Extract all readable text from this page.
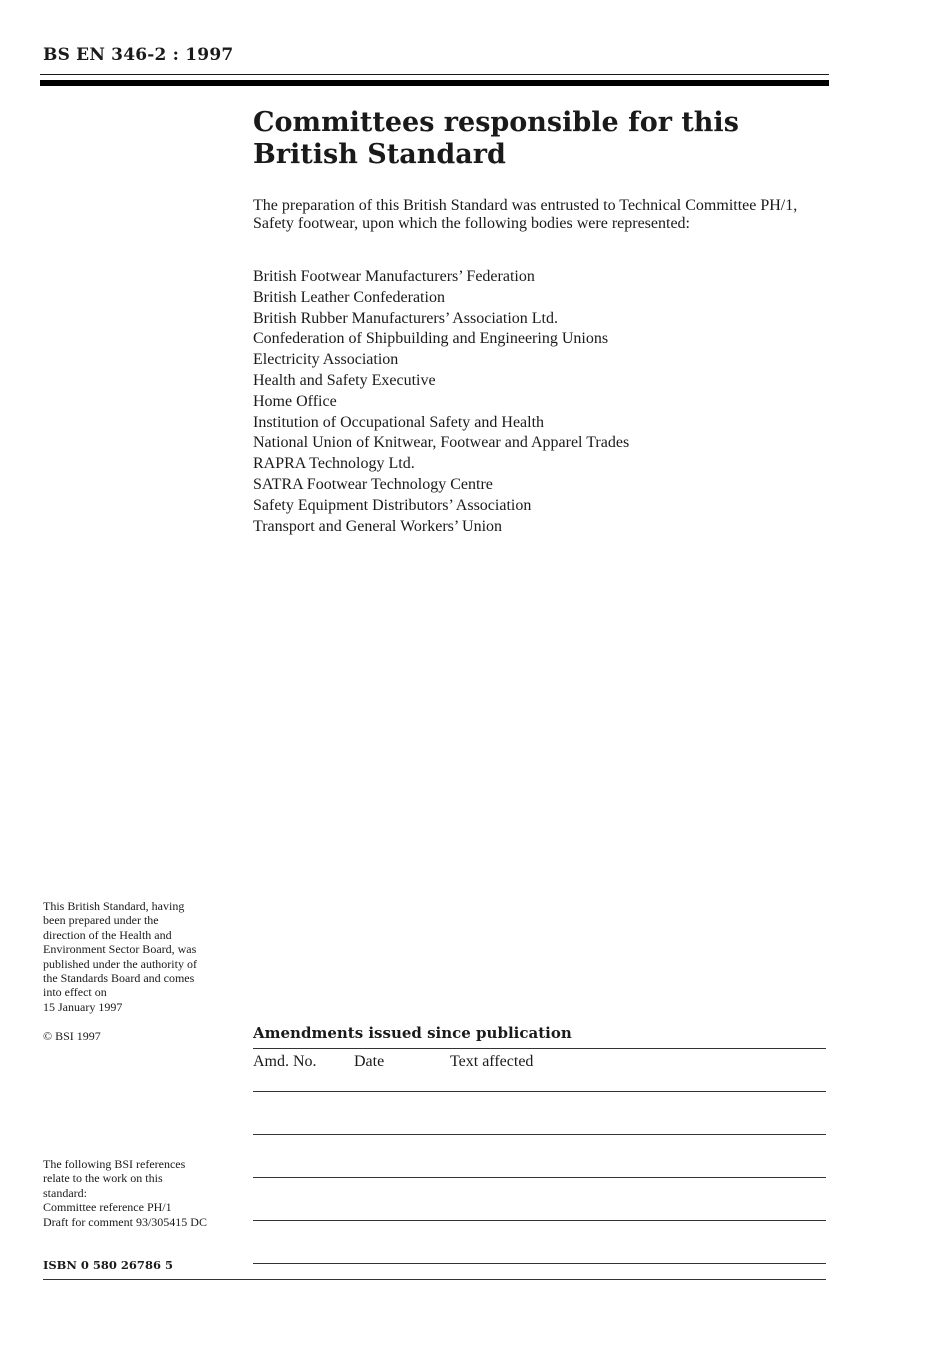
BS EN 346-2 : 1997
Committees responsible for this
British Standard

The preparation of this British Standard was entrusted to Technical Committee PH/1, Safety footwear, upon which the following bodies were represented:

British Footwear Manufacturers’ Federation
British Leather Confederation
British Rubber Manufacturers’ Association Ltd.
Confederation of Shipbuilding and Engineering Unions
Electricity Association
Health and Safety Executive
Home Office
Institution of Occupational Safety and Health
National Union of Knitwear, Footwear and Apparel Trades
RAPRA Technology Ltd.
SATRA Footwear Technology Centre
Safety Equipment Distributors’ Association
Transport and General Workers’ Union

This British Standard, having
been prepared under the
direction of the Health and
Environment Sector Board, was
published under the authority of
the Standards Board and comes
into effect on
15 January 1997

© BSI 1997

The following BSI references
relate to the work on this
standard:
Committee reference PH/1
Draft for comment 93/305415 DC

ISBN 0 580 26786 5
Amendments issued since publication
Amd. No. Date	Text affected
